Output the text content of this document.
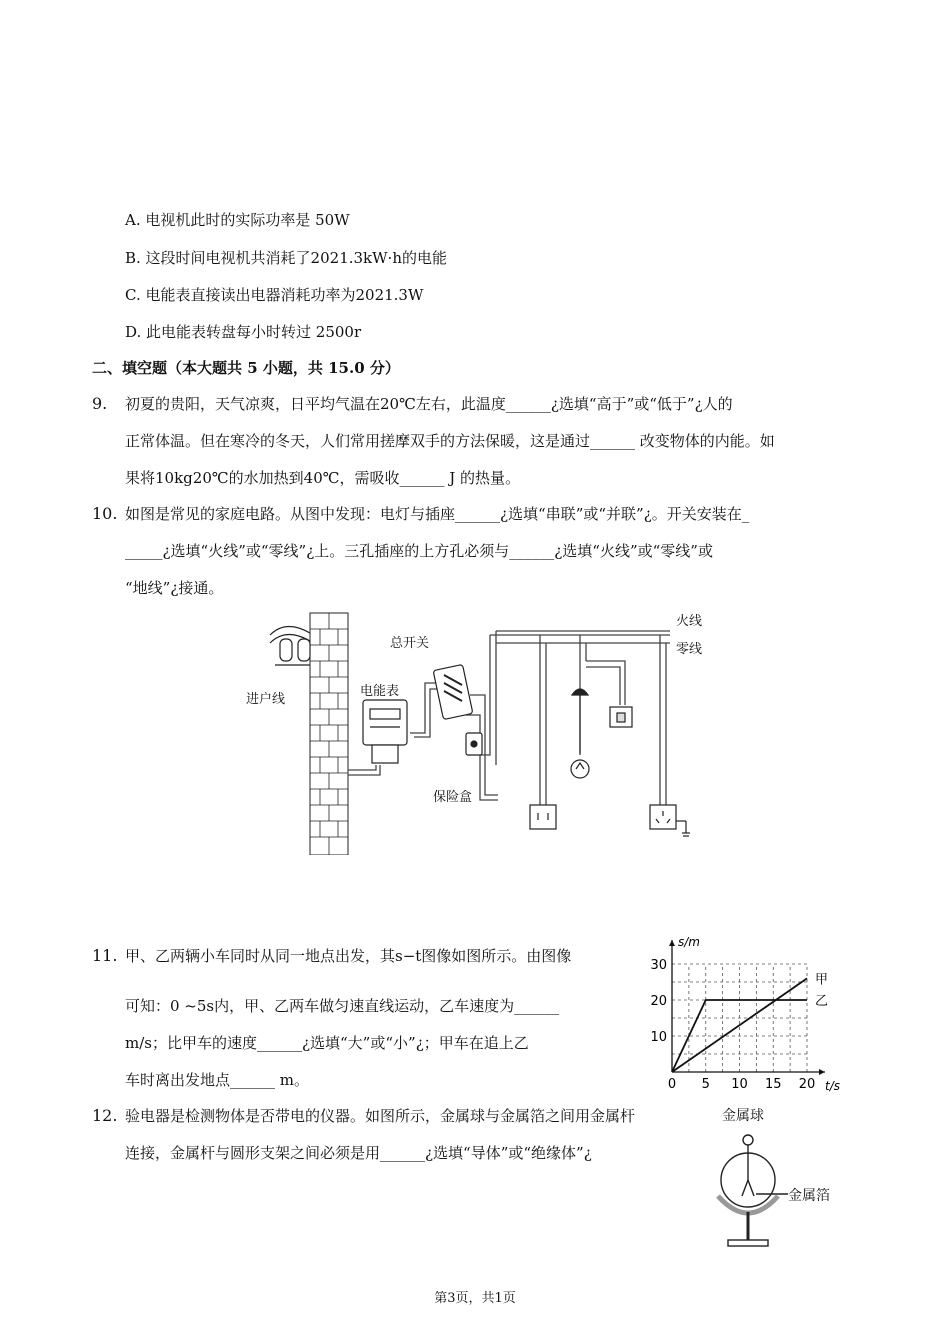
A. 电视机此时的实际功率是 50W
B. 这段时间电视机共消耗了2021.3kW·h的电能
C. 电能表直接读出电器消耗功率为2021.3W
D. 此电能表转盘每小时转过 2500r
二、填空题（本大题共 5 小题，共 15.0 分）
9. 初夏的贵阳，天气凉爽，日平均气温在20℃左右，此温度______¿选填“高于”或“低于”¿人的
正常体温。但在寒冷的冬天，人们常用搓摩双手的方法保暖，这是通过______ 改变物体的内能。如
果将10kg20℃的水加热到40℃，需吸收______ J 的热量。
10. 如图是常见的家庭电路。从图中发现：电灯与插座______¿选填“串联”或“并联”¿。开关安装在_
_____¿选填“火线”或“零线”¿上。三孔插座的上方孔必须与______¿选填“火线”或“零线”或
“地线”¿接通。
火线
零线
总开关
电能表
进户线
保险盒
11. 甲、乙两辆小车同时从同一地点出发，其s−t图像如图所示。由图像
可知：0 ~5s内，甲、乙两车做匀速直线运动，乙车速度为______
m/s；比甲车的速度______¿选填“大”或“小”¿；甲车在追上乙
车时离出发地点______ m。	0 5 10 15 20
10
20
30
t/s
s/m
甲
乙
12. 验电器是检测物体是否带电的仪器。如图所示，金属球与金属箔之间用金属杆
连接，金属杆与圆形支架之间必须是用______¿选填“导体”或“绝缘体”¿
金属球
金属箔
第3页，共1页
